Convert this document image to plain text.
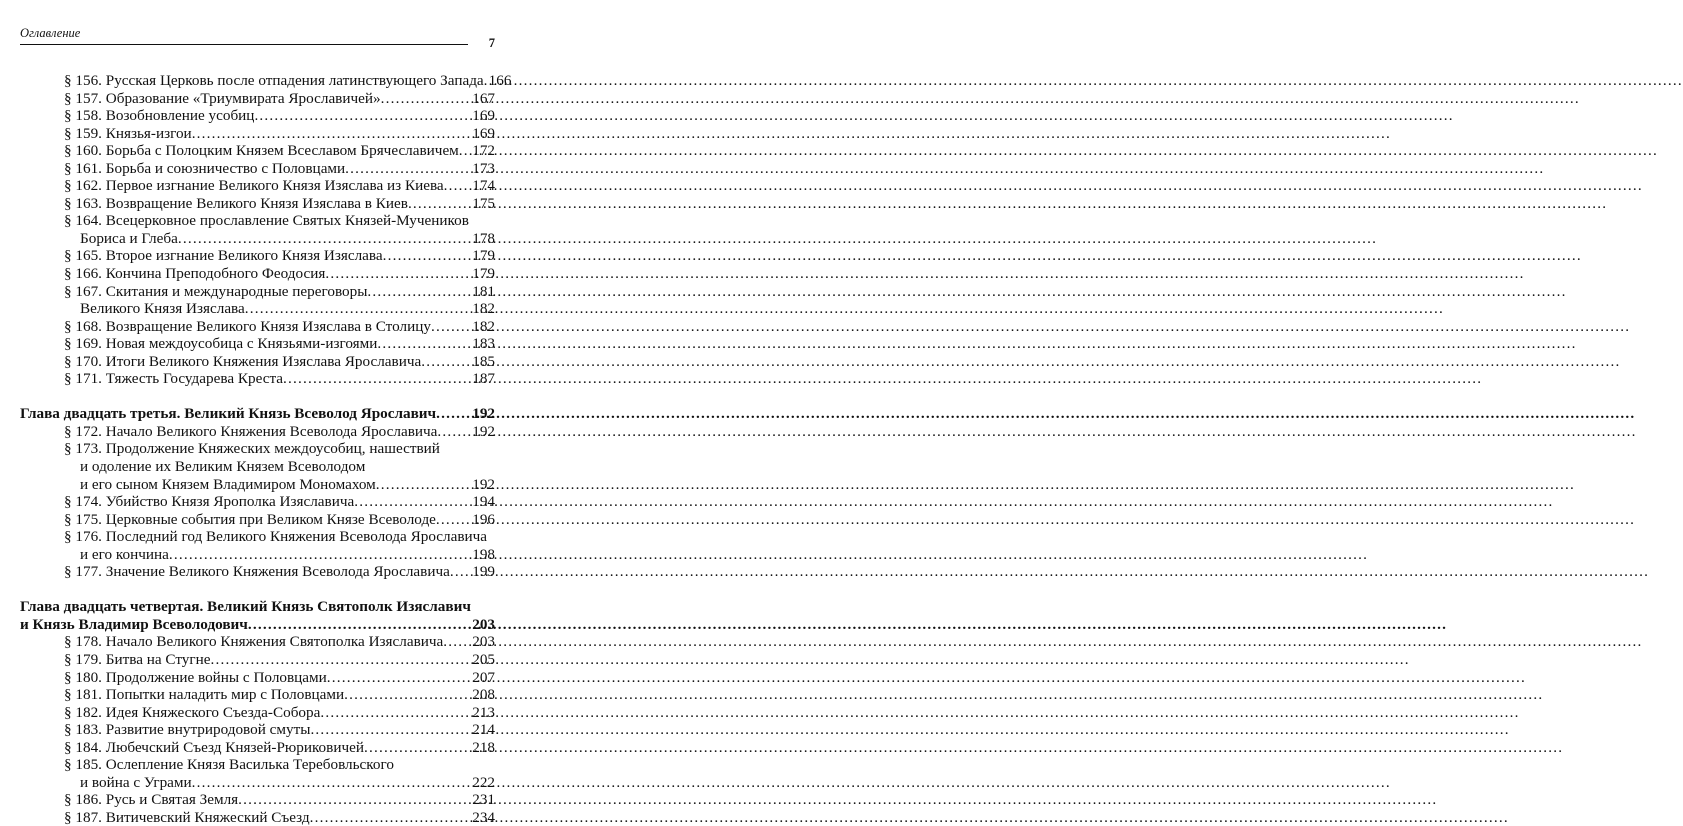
Оглавление
7
§ 156. Русская Церковь после отпадения латинствующего Запада ..... 166
§ 157. Образование «Триумвирата Ярославичей» .....	167
§ 158. Возобновление усобиц .....	169
§ 159. Князья-изгои .....	169
§ 160. Борьба с Полоцким Князем Всеславом Брячеславичем ..... 172
§ 161. Борьба и союзничество с Половцами .....	173
§ 162. Первое изгнание Великого Князя Изяслава из Киева ..... 174
§ 163. Возвращение Великого Князя Изяслава в Киев .....	175
§ 164. Всецерковное прославление Святых Князей-Мучеников
Бориса и Глеба .....	178
§ 165. Второе изгнание Великого Князя Изяслава .....	179
§ 166. Кончина Преподобного Феодосия .....	179
§ 167. Скитания и международные переговоры .....	181
Великого Князя Изяслава .....	182
§ 168. Возвращение Великого Князя Изяслава в Столицу .....	182
§ 169. Новая междоусобица с Князьями-изгоями .....	183
§ 170. Итоги Великого Княжения Изяслава Ярославича .....	185
§ 171. Тяжесть Государева Креста .....	187
Глава двадцать третья. Великий Князь Всеволод Ярославич ..... 192
§ 172. Начало Великого Княжения Всеволода Ярославича ..... 192
§ 173. Продолжение Княжеских междоусобиц, нашествий
и одоление их Великим Князем Всеволодом
и его сыном Князем Владимиром Мономахом .....	192
§ 174. Убийство Князя Ярополка Изяславича .....	194
§ 175. Церковные события при Великом Князе Всеволоде ..... 196
§ 176. Последний год Великого Княжения Всеволода Ярославича
и его кончина .....	198
§ 177. Значение Великого Княжения Всеволода Ярославича ..... 199
Глава двадцать четвертая. Великий Князь Святополк Изяславич
и Князь Владимир Всеволодович .....	203
§ 178. Начало Великого Княжения Святополка Изяславича ..... 203
§ 179. Битва на Стугне .....	205
§ 180. Продолжение войны с Половцами .....	207
§ 181. Попытки наладить мир с Половцами .....	208
§ 182. Идея Княжеского Съезда-Собора .....	213
§ 183. Развитие внутриродовой смуты .....	214
§ 184. Любечский Съезд Князей-Рюриковичей .....	218
§ 185. Ослепление Князя Василька Теребовльского
и война с Уграми .....	222
§ 186. Русь и Святая Земля .....	231
§ 187. Витичевский Княжеский Съезд .....	234
